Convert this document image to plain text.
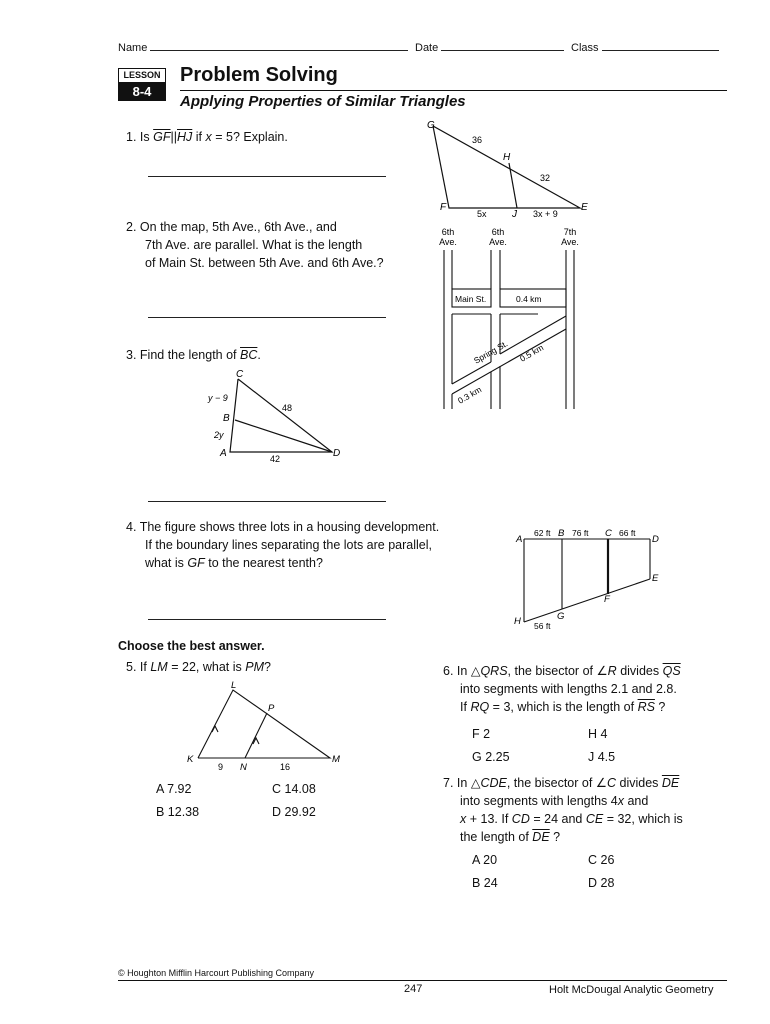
Name	Date	Class
LESSON
8-4
Problem Solving
Applying Properties of Similar Triangles
1. Is $\overline{GF}||\overline{HJ}$ if x = 5? Explain.
G
H
F
J
E
36
32
5x	3x + 9
2. On the map, 5th Ave., 6th Ave., and
7th Ave. are parallel. What is the length
of Main St. between 5th Ave. and 6th Ave.?
6th
Ave.
6th
Ave.
7th
Ave.
Main St.	0.4 km
Spring St. 0.5 km
0.3 km
3. Find the length of $\overline{BC}$.
C
B
A	D
y − 9
2y
48
42
4. The figure shows three lots in a housing development.
If the boundary lines separating the lots are parallel,
what is GF to the nearest tenth?
A
B	C
D
E
F
G
H
62 ft	76 ft	66 ft
56 ft
Choose the best answer.
5. If LM = 22, what is PM?
L
P
K
N
M
9	16
A 7.92	C 14.08
B 12.38	D 29.92
6. In △QRS, the bisector of ∠R divides $\overline{QS}$
into segments with lengths 2.1 and 2.8.
If RQ = 3, which is the length of $\overline{RS}$ ?
F 2	H 4
G 2.25	J 4.5
7. In △CDE, the bisector of ∠C divides $\overline{DE}$
into segments with lengths 4x and
x + 13. If CD = 24 and CE = 32, which is
the length of $\overline{DE}$ ?
A 20	C 26
B 24	D 28
© Houghton Mifflin Harcourt Publishing Company
247	Holt McDougal Analytic Geometry
